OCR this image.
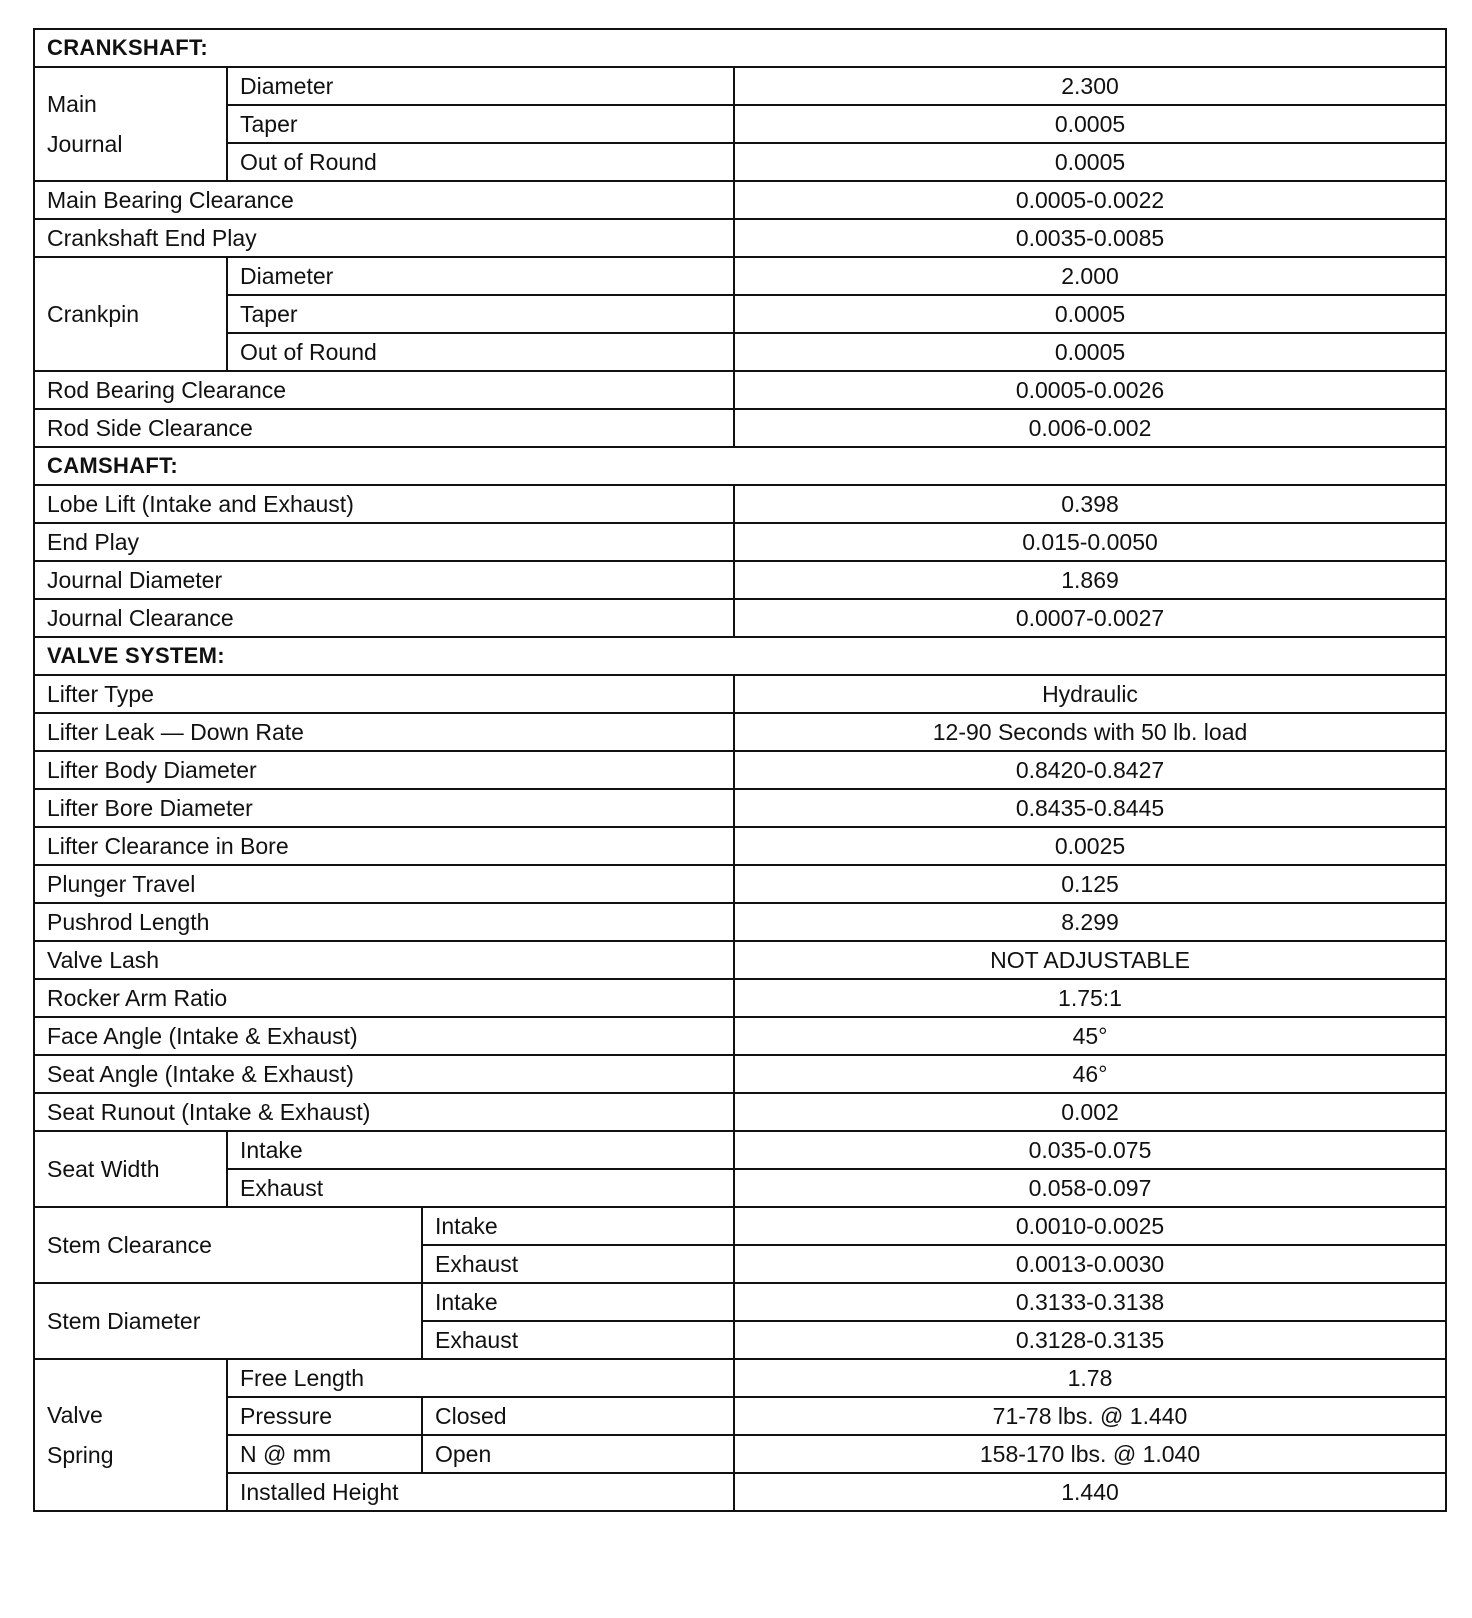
CRANKSHAFT:			
Main
Journal	Diameter		2.300
	Taper		0.0005
	Out of Round		0.0005
Main Bearing Clearance			0.0005-0.0022
Crankshaft End Play			0.0035-0.0085
Crankpin	Diameter		2.000
	Taper		0.0005
	Out of Round		0.0005
Rod Bearing Clearance			0.0005-0.0026
Rod Side Clearance			0.006-0.002
CAMSHAFT:			
Lobe Lift (Intake and Exhaust)			0.398
End Play			0.015-0.0050
Journal Diameter			1.869
Journal Clearance			0.0007-0.0027
VALVE SYSTEM:			
Lifter Type			Hydraulic
Lifter Leak — Down Rate			12-90 Seconds with 50 lb. load
Lifter Body Diameter			0.8420-0.8427
Lifter Bore Diameter			0.8435-0.8445
Lifter Clearance in Bore			0.0025
Plunger Travel			0.125
Pushrod Length			8.299
Valve Lash			NOT ADJUSTABLE
Rocker Arm Ratio			1.75:1
Face Angle (Intake & Exhaust)			45°
Seat Angle (Intake & Exhaust)			46°
Seat Runout (Intake & Exhaust)			0.002
Seat Width	Intake		0.035-0.075
	Exhaust		0.058-0.097
Stem Clearance		Intake	0.0010-0.0025
		Exhaust	0.0013-0.0030
Stem Diameter		Intake	0.3133-0.3138
		Exhaust	0.3128-0.3135
Valve
Spring	Free Length		1.78
	Pressure	Closed	71-78 lbs. @ 1.440
	N @ mm	Open	158-170 lbs. @ 1.040
	Installed Height		1.440
